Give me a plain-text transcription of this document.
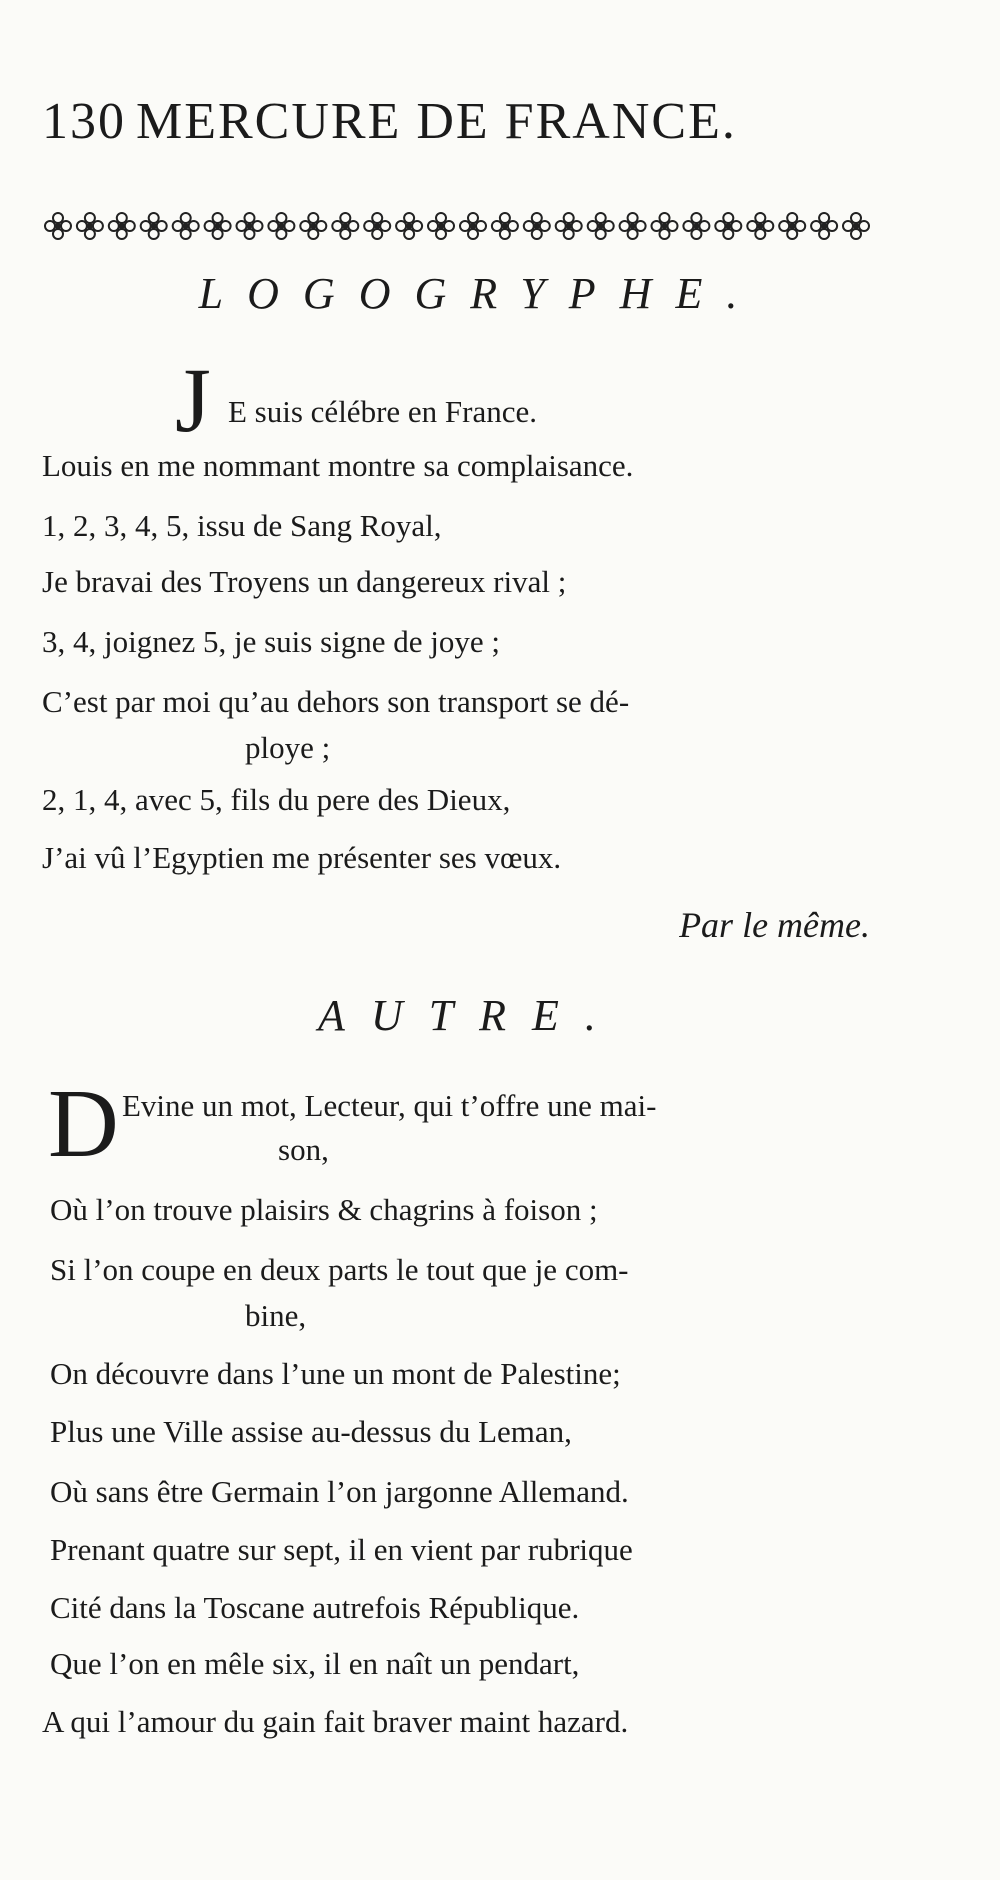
130 MERCURE DE FRANCE.
LOGOGRYPHE.
J E suis célébre en France.
Louis en me nommant montre sa complaisance.
1, 2, 3, 4, 5, issu de Sang Royal,
Je bravai des Troyens un dangereux rival ;
3, 4, joignez 5, je suis signe de joye ;
C’est par moi qu’au dehors son transport se dé-
ploye ;
2, 1, 4, avec 5, fils du pere des Dieux,
J’ai vû l’Egyptien me présenter ses vœux.
Par le même.
AUTRE.
D Evine un mot, Lecteur, qui t’offre une mai-
son,
Où l’on trouve plaisirs & chagrins à foison ;
Si l’on coupe en deux parts le tout que je com-
bine,
On découvre dans l’une un mont de Palestine;
Plus une Ville assise au-dessus du Leman,
Où sans être Germain l’on jargonne Allemand.
Prenant quatre sur sept, il en vient par rubrique
Cité dans la Toscane autrefois République.
Que l’on en mêle six, il en naît un pendart,
A qui l’amour du gain fait braver maint hazard.
